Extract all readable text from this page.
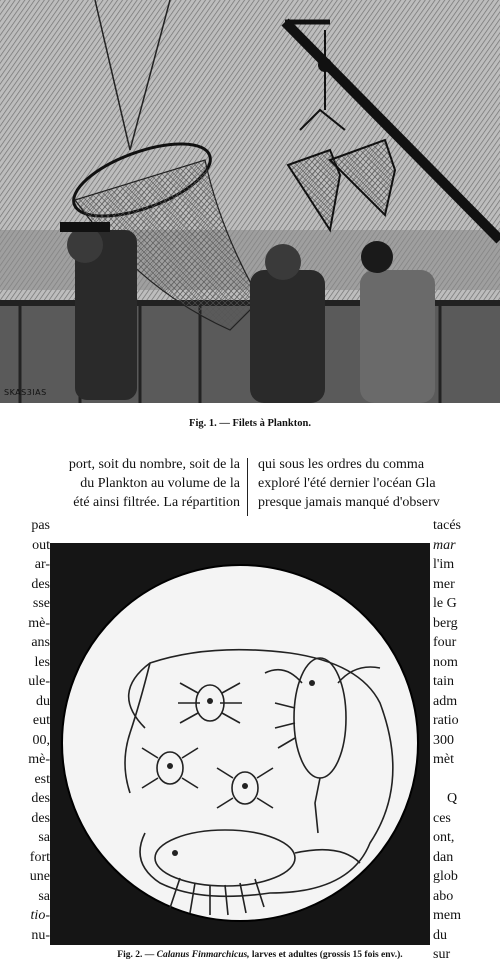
SKAS3IAS
Fig. 1. — Filets à Plankton.
port, soit du nombre, soit de la
du Plankton au volume de la
été ainsi filtrée. La répartition
qui sous les ordres du comma
exploré l'été dernier l'océan Gla
presque jamais manqué d'observ
pas
out
ar-
des
sse
mè-
ans
les
ule-
du
eut
00,
mè-
est
des
des
sa
fort
une
sa
tio-
nu-
tacés
mar
l'im
mer
le G
berg
four
nom
tain
adm
ratio
300
mèt
Q
ces
ont,
dan
glob
abo
mem
du
sur
Fig. 2. — Calanus Finmarchicus, larves et adultes (grossis 15 fois env.).
